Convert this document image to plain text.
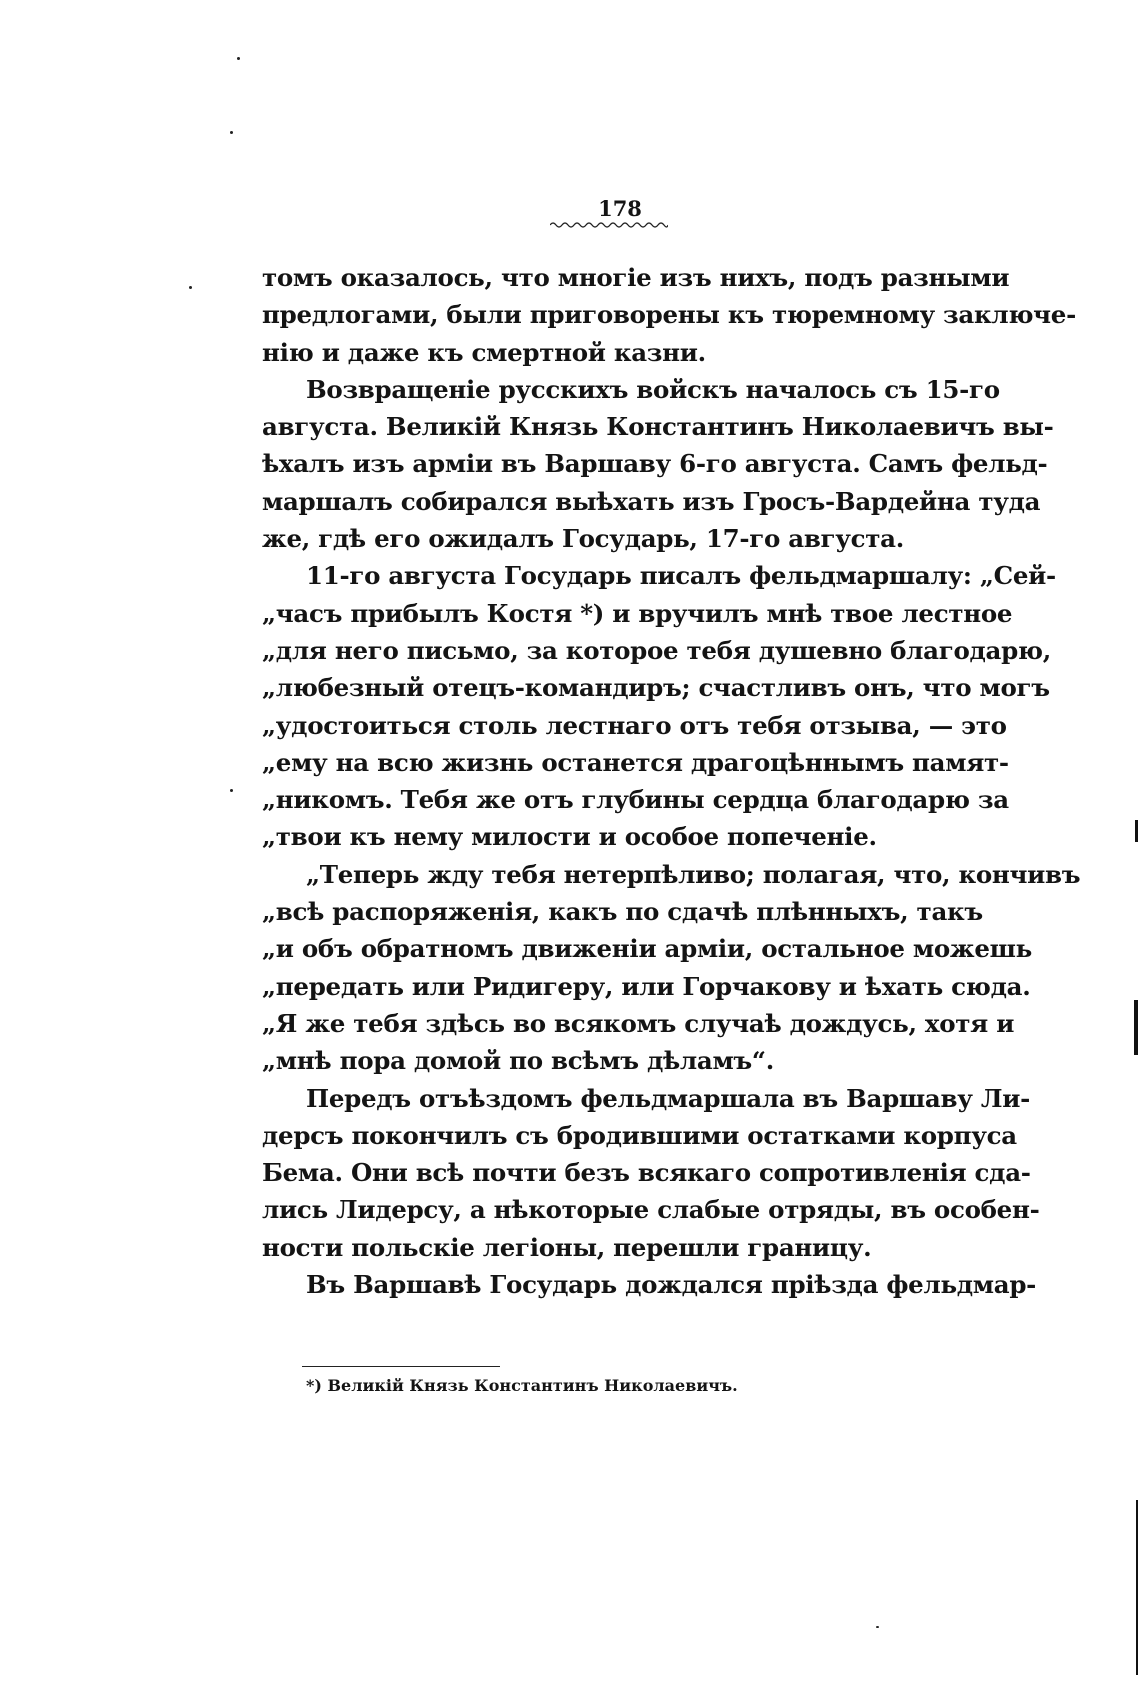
178
томъ оказалось, что многіе изъ нихъ, подъ разными
предлогами, были приговорены къ тюремному заключе-
нію и даже къ смертной казни.
Возвращеніе русскихъ войскъ началось съ 15-го
августа. Великій Князь Константинъ Николаевичъ вы-
ѣхалъ изъ арміи въ Варшаву 6-го августа. Самъ фельд-
маршалъ собирался выѣхать изъ Гросъ-Вардейна туда
же, гдѣ его ожидалъ Государь, 17-го августа.
11-го августа Государь писалъ фельдмаршалу: „Сей-
„часъ прибылъ Костя *) и вручилъ мнѣ твое лестное
„для него письмо, за которое тебя душевно благодарю,
„любезный отецъ-командиръ; счастливъ онъ, что могъ
„удостоиться столь лестнаго отъ тебя отзыва, — это
„ему на всю жизнь останется драгоцѣннымъ памят-
„никомъ. Тебя же отъ глубины сердца благодарю за
„твои къ нему милости и особое попеченіе.
„Теперь жду тебя нетерпѣливо; полагая, что, кончивъ
„всѣ распоряженія, какъ по сдачѣ плѣнныхъ, такъ
„и объ обратномъ движеніи арміи, остальное можешь
„передать или Ридигеру, или Горчакову и ѣхать сюда.
„Я же тебя здѣсь во всякомъ случаѣ дождусь, хотя и
„мнѣ пора домой по всѣмъ дѣламъ“.
Передъ отъѣздомъ фельдмаршала въ Варшаву Ли-
дерсъ покончилъ съ бродившими остатками корпуса
Бема. Они всѣ почти безъ всякаго сопротивленія сда-
лись Лидерсу, а нѣкоторые слабые отряды, въ особен-
ности польскіе легіоны, перешли границу.
Въ Варшавѣ Государь дождался пріѣзда фельдмар-
*) Великій Князь Константинъ Николаевичъ.
